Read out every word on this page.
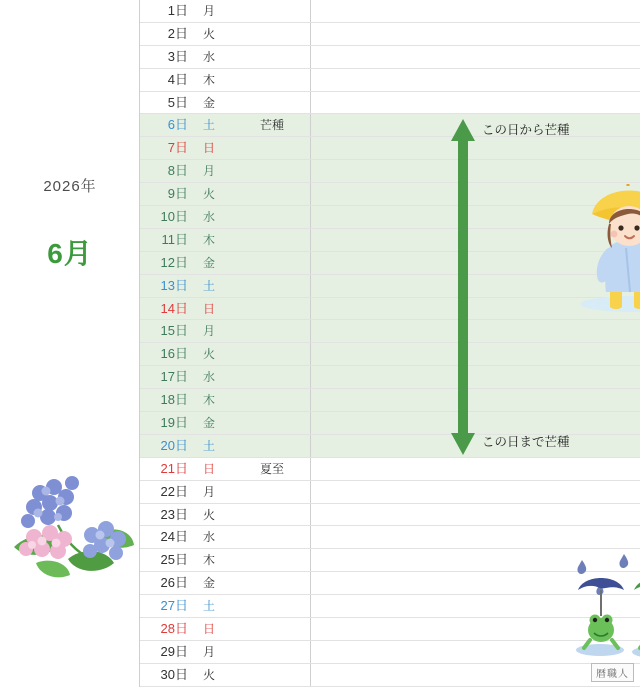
2026年
6月
1日	月
2日	火
3日	水
4日	木
5日	金
6日	土	芒種
7日	日
8日	月
9日	火
10日	水
11日	木
12日	金
13日	土
14日	日
15日	月
16日	火
17日	水
18日	木
19日	金
20日	土
21日	日	夏至
22日	月
23日	火
24日	水
25日	木
26日	金
27日	土
28日	日
29日	月
30日	火
この日から芒種
この日まで芒種
暦職人
